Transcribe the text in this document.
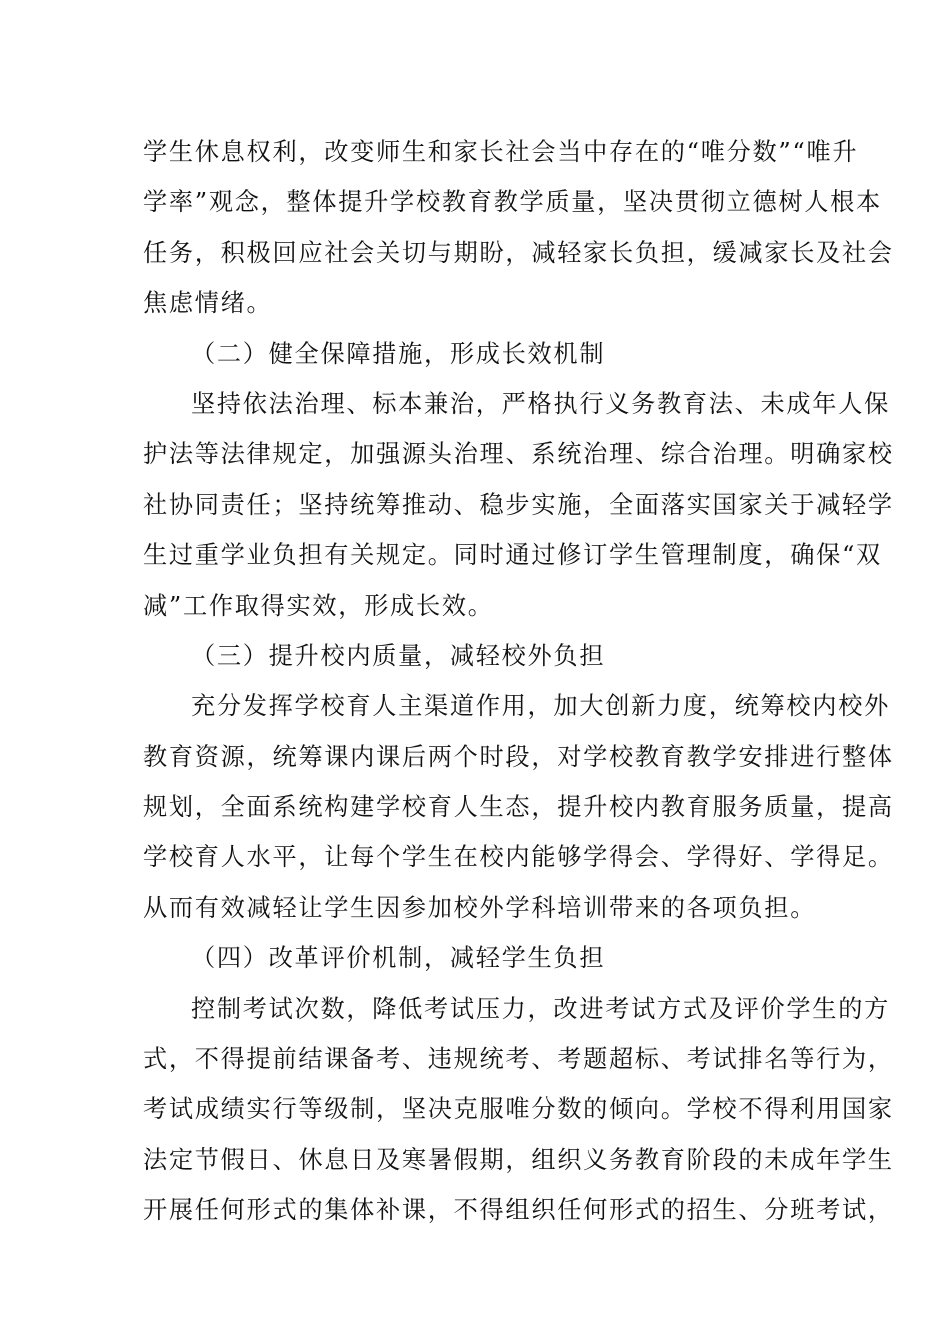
学生休息权利，改变师生和家长社会当中存在的“唯分数”“唯升
学率”观念，整体提升学校教育教学质量，坚决贯彻立德树人根本
任务，积极回应社会关切与期盼，减轻家长负担，缓减家长及社会
焦虑情绪。
（二）健全保障措施，形成长效机制
坚持依法治理、标本兼治，严格执行义务教育法、未成年人保
护法等法律规定，加强源头治理、系统治理、综合治理。明确家校
社协同责任；坚持统筹推动、稳步实施，全面落实国家关于减轻学
生过重学业负担有关规定。同时通过修订学生管理制度，确保“双
减”工作取得实效，形成长效。
（三）提升校内质量，减轻校外负担
充分发挥学校育人主渠道作用，加大创新力度，统筹校内校外
教育资源，统筹课内课后两个时段，对学校教育教学安排进行整体
规划，全面系统构建学校育人生态，提升校内教育服务质量，提高
学校育人水平，让每个学生在校内能够学得会、学得好、学得足。
从而有效减轻让学生因参加校外学科培训带来的各项负担。
（四）改革评价机制，减轻学生负担
控制考试次数，降低考试压力，改进考试方式及评价学生的方
式，不得提前结课备考、违规统考、考题超标、考试排名等行为，
考试成绩实行等级制，坚决克服唯分数的倾向。学校不得利用国家
法定节假日、休息日及寒暑假期，组织义务教育阶段的未成年学生
开展任何形式的集体补课，不得组织任何形式的招生、分班考试，
